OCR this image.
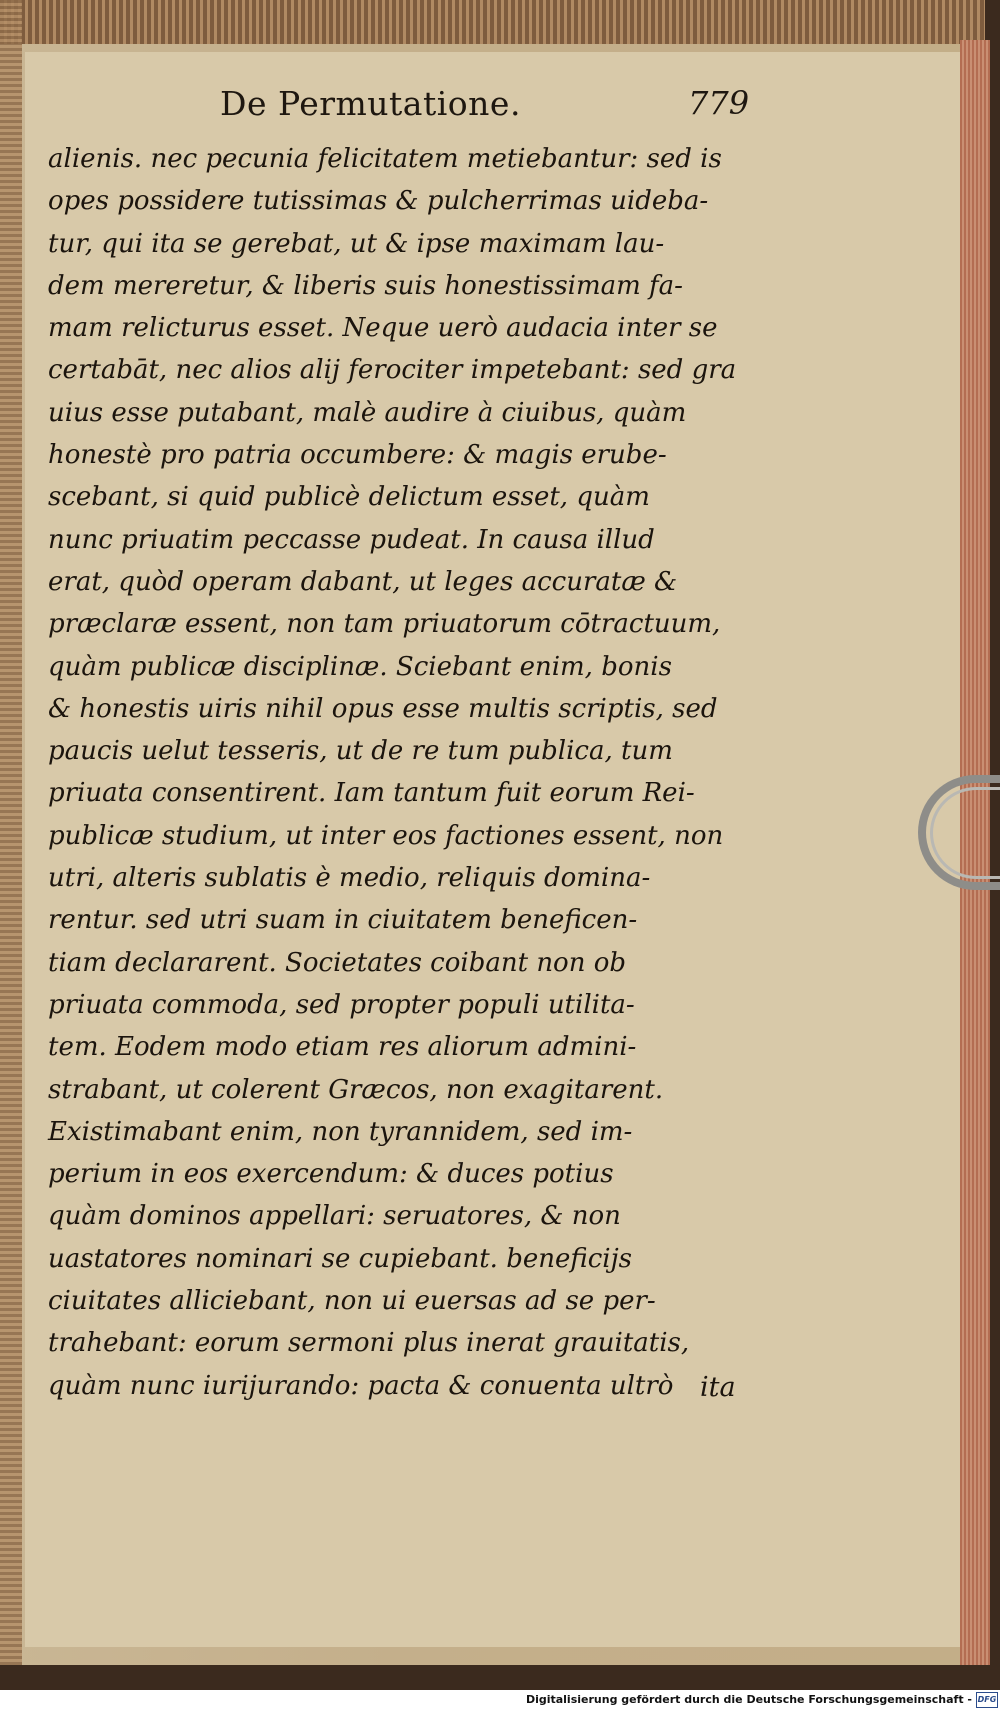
De Permutatione.	779
alienis. nec pecunia felicitatem metiebantur: sed is
opes possidere tutissimas & pulcherrimas uideba-
tur, qui ita se gerebat, ut & ipse maximam lau-
dem mereretur, & liberis suis honestissimam fa-
mam relicturus esset. Neque uerò audacia inter se
certabāt, nec alios alij ferociter impetebant: sed gra
uius esse putabant, malè audire à ciuibus, quàm
honestè pro patria occumbere: & magis erube-
scebant, si quid publicè delictum esset, quàm
nunc priuatim peccasse pudeat. In causa illud
erat, quòd operam dabant, ut leges accuratæ &
præclaræ essent, non tam priuatorum cōtractuum,
quàm publicæ disciplinæ. Sciebant enim, bonis
& honestis uiris nihil opus esse multis scriptis, sed
paucis uelut tesseris, ut de re tum publica, tum
priuata consentirent. Iam tantum fuit eorum Rei-
publicæ studium, ut inter eos factiones essent, non
utri, alteris sublatis è medio, reliquis domina-
rentur. sed utri suam in ciuitatem beneficen-
tiam declararent. Societates coibant non ob
priuata commoda, sed propter populi utilita-
tem. Eodem modo etiam res aliorum admini-
strabant, ut colerent Græcos, non exagitarent.
Existimabant enim, non tyrannidem, sed im-
perium in eos exercendum: & duces potius
quàm dominos appellari: seruatores, & non
uastatores nominari se cupiebant. beneficijs
ciuitates alliciebant, non ui euersas ad se per-
trahebant: eorum sermoni plus inerat grauitatis,
quàm nunc iurijurando: pacta & conuenta ultrò ita
Digitalisierung gefördert durch die Deutsche Forschungsgemeinschaft - DFG
